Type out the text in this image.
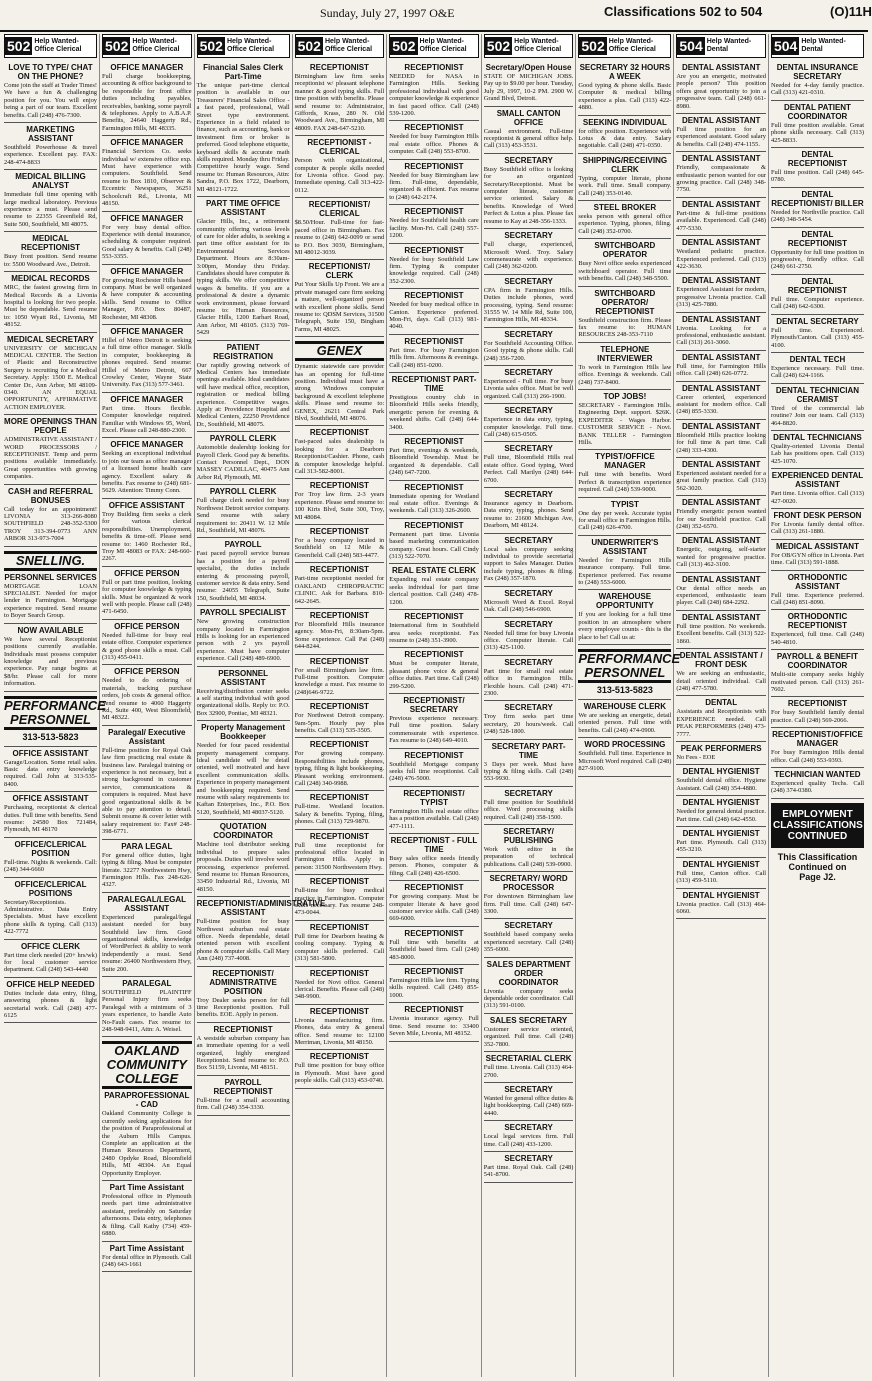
Sunday, July 27, 1997 O&E	Classifications 502 to 504	(O)11H
502 Help Wanted-Office Clerical
LOVE TO TYPE/ CHAT ON THE PHONE?
Come join the staff at Trader Times! We have a fun & challenging position for you. You will enjoy being a part of our team. Excellent benefits. Call (248) 476-7300.
MARKETING ASSISTANT
Southfield Powerhouse & travel experience. Excellent pay. FAX: 248-474-8833
MEDICAL BILLING ANALYST
Immediate full time opening with large medical laboratory. Previous experience a must. Please send resume to 22355 Greenfield Rd, Suite 500, Southfield, MI 48075.
MEDICAL RECEPTIONIST
Busy front position. Send resume to: 5500 Woodward Ave., Detroit.
MEDICAL RECORDS
MRC, the fastest growing firm in Medical Records & a Livonia hospital is looking for two people. Must be dependable. Send resume to: 1050 Wyatt Rd., Livonia, MI 48152.
MEDICAL SECRETARY
UNIVERSITY OF MICHIGAN MEDICAL CENTER. The Section of Plastic and Reconstructive Surgery is recruiting for a Medical Secretary. Apply: 1500 E. Medical Center Dr., Ann Arbor, MI 48109-0340. AN EQUAL OPPORTUNITY, AFFIRMATIVE ACTION EMPLOYER.
MORE OPENINGS THAN PEOPLE
ADMINISTRATIVE ASSISTANT / WORD PROCESSORS / RECEPTIONIST. Temp and perm positions available immediately. Great opportunities with growing companies.
CASH and REFERRAL BONUSES
Call today for an appointment! LIVONIA 313-266-8080 SOUTHFIELD 248-352-5300 TROY 313-394-0773 ANN ARBOR 313-973-7004
SNELLING.
PERSONNEL SERVICES
MORTGAGE LOAN SPECIALIST. Needed for major lender in Farmington. Mortgage experience required. Send resume to Boyer Search Group.
NOW AVAILABLE
We have several Receptionist positions currently available. Individuals must possess computer knowledge and previous experience. Pay range begins at $8/hr. Please call for more information.
PERFORMANCE PERSONNEL
313-513-5823
OFFICE ASSISTANT
Garage/Location. Some retail sales. Basic data entry knowledge required. Call John at 313-535-8400.
OFFICE ASSISTANT
Purchasing, receptionist & clerical duties. Full time with benefits. Send resume: 24580 Box 721484, Plymouth, MI 48170
OFFICE/CLERICAL POSITION
Full-time. Nights & weekends. Call: (248) 344-6660
OFFICE/CLERICAL POSITIONS
Secretary/Receptionists. Administrative. Data Entry Specialists. Must have excellent phone skills & typing. Call (313) 422-7772
OFFICE CLERK
Part time clerk needed (20+ hrs/wk) for local customer service department. Call (248) 543-4440
OFFICE HELP NEEDED
Duties include data entry, filing, answering phones & light secretarial work. Call (248) 477-6125
502 Help Wanted-Office Clerical
OFFICE MANAGER
Full charge bookkeeping, accounting & office background to be responsible for front office duties including payables, receivables, banking, some payroll & telephones. Apply to A.B.A.P. Benefits, 24640 Haggerty Rd., Farmington Hills, MI 48335.
OFFICE MANAGER
Financial Services Co. seeks individual w/ extensive office exp. Must have experience with computers. Southfield. Send resume to Box 1810, Observer & Eccentric Newspapers, 36251 Schoolcraft Rd., Livonia, MI 48150.
OFFICE MANAGER
For very busy dental office. Experience with dental insurance, scheduling & computer required. Good salary & benefits. Call (248) 553-3355.
OFFICE MANAGER
For growing Rochester Hills based company. Must be well organized & have computer & accounting skills. Send resume to Office Manager, P.O. Box 80487, Rochester, MI 48308.
OFFICE MANAGER
Hillel of Metro Detroit is seeking a full time office manager. Skills in computer, bookkeeping & phones required. Send resume: Hillel of Metro Detroit, 667 Crowley Center, Wayne State University. Fax (313) 577-3461.
OFFICE MANAGER
Part time. Hours flexible. Computer knowledge required. Familiar with Windows 95, Word, Excel. Please call 248-880-2300.
OFFICE MANAGER
Seeking an exceptional individual to join our team as office manager of a licensed home health care agency. Excellent salary & benefits. Fax resume to (248) 681-5629. Attention: Timmy Conn.
OFFICE ASSISTANT
Troy Building firm seeks a clerk for various clerical responsibilities. Unemployment, benefits & time-off. Please send resume to: 1460 Rochester Rd., Troy MI 48083 or FAX: 248-660-2267.
OFFICE PERSON
Full or part time position, looking for computer knowledge & typing skills. Must be organized & work well with people. Please call (248) 471-6450.
OFFICE PERSON
Needed full-time for busy real estate office. Computer experience & good phone skills a must. Call (313) 455-0411.
OFFICE PERSON
Needed to do ordering of materials, tracking purchase orders, job costs & general office. Send resume to 4060 Haggerty Rd., Suite 400, West Bloomfield, MI 48322.
Paralegal/ Executive Assistant
Full-time position for Royal Oak law firm practicing real estate & business law. Paralegal training or experience is not necessary, but a strong background in customer service, communications & computers is required. Must have good organizational skills & be able to pay attention to detail. Submit resume & cover letter with salary requirement to: Fax# 248-398-6771.
PARA LEGAL
For general office duties, light typing & filing. Must be computer literate. 32277 Northwestern Hwy, Farmington Hills. Fax 248-626-4327.
PARALEGAL/LEGAL ASSISTANT
Experienced paralegal/legal assistant needed for busy Southfield law firm. Good organizational skills, knowledge of WordPerfect & ability to work independently a must. Send resume: 26400 Northwestern Hwy, Suite 200.
PARALEGAL
SOUTHFIELD PLAINTIFF Personal Injury firm seeks Paralegal with a minimum of 3 years experience, to handle Auto No-Fault cases. Fax resume to: 248-948-9411, Attn: A. Weisel.
OAKLAND COMMUNITY COLLEGE
PARAPROFESSIONAL - CAD
Oakland Community College is currently seeking applications for the position of Paraprofessional at the Auburn Hills Campus. Complete an application at the Human Resources Department, 2480 Opdyke Road, Bloomfield Hills, MI 48304. An Equal Opportunity Employer.
Part Time Assistant
Professional office in Plymouth needs part time administrative assistant, preferably on Saturday afternoons. Data entry, telephones & filing. Call Kathy (734) 459-6880.
Part Time Assistant
For dental office in Plymouth. Call (248) 643-1661
502 Help Wanted-Office Clerical
Financial Sales Clerk Part-Time
The unique part-time clerical position is available in our Treasurers' Financial Sales Office - a fast paced, professional, Wall Street type environment. Experience in a field related to finance, such as accounting, bank or investment firm or broker is preferred. Good telephone etiquette, keyboard skills & accurate math skills required. Monday thru Friday. Competitive hourly wage. Send resume to: Human Resources, Attn: Sandra, P.O. Box 1722, Dearborn, MI 48121-1722.
PART TIME OFFICE ASSISTANT
Glacier Hills, Inc., a retirement community offering various levels of care for older adults, is seeking a part time office assistant for its Environmental Services Department. Hours are 8:30am-3:00pm, Monday thru Friday. Candidates should have computer & typing skills. We offer competitive wages & benefits. If you are a professional & desire a dynamic work environment, please forward resume to: Human Resources, Glacier Hills, 1200 Earhart Road, Ann Arbor, MI 48105. (313) 769-5429
PATIENT REGISTRATION
Our rapidly growing network of Medical Centers has immediate openings available. Ideal candidates will have medical office, reception, registration or medical billing experience. Competitive wages. Apply at: Providence Hospital and Medical Centers, 22250 Providence Dr., Southfield, MI 48075.
PAYROLL CLERK
Automobile dealership looking for Payroll Clerk. Good pay & benefits. Contact Personnel Dept., DON MASSEY CADILLAC, 40475 Ann Arbor Rd, Plymouth, MI.
PAYROLL CLERK
Full charge clerk needed for busy Northwest Detroit service company. Send resume with salary requirement to: 20411 W. 12 Mile Rd., Southfield, MI 48076.
PAYROLL
Fast paced payroll service bureau has a position for a payroll specialist, the duties include entering & processing payroll, customer service & data entry. Send resume: 24055 Telegraph, Suite 150, Southfield, MI 48034.
PAYROLL SPECIALIST
New growing construction company located in Farmington Hills is looking for an experienced person with 2 yrs payroll experience. Must have computer experience. Call (248) 489-6900.
PERSONNEL ASSISTANT
Receiving/distribution center seeks a self starting individual with good organizational skills. Reply to: P.O. Box 32900, Pontiac, MI 48321.
Property Management Bookkeeper
Needed for four paced residential property management company. Ideal candidate will be detail oriented, well motivated and have excellent communication skills. Experience in property management and bookkeeping required. Send resume with salary requirements to: Kaftan Enterprises, Inc., P.O. Box 5120, Southfield, MI 48037-5120.
QUOTATION COORDINATOR
Machine tool distributor seeking individual to prepare sales proposals. Duties will involve word processing, experience preferred. Send resume to: Human Resources, 33450 Industrial Rd., Livonia, MI 48150.
RECEPTIONIST/ADMINISTRATIVE ASSISTANT
Full-time position for busy Northwest suburban real estate office. Needs dependable, detail oriented person with excellent phone & computer skills. Call Mary Ann (248) 737-4008.
RECEPTIONIST/ ADMINISTRATIVE POSITION
Troy Dealer seeks person for full time Receptionist position. Full benefits. EOE. Apply in person.
RECEPTIONIST
A westside suburban company has an immediate opening for a well organized, highly energized Receptionist. Send resume to: P.O. Box 51159, Livonia, MI 48151.
PAYROLL RECEPTIONIST
Full-time for a small accounting firm. Call (248) 354-3330.
502 Help Wanted-Office Clerical
RECEPTIONIST
Birmingham law firm seeks receptionist w/ pleasant telephone manner & good typing skills. Full time position with benefits. Please send resume to: Administrator, Giffords, Krass, 280 N. Old Woodward Ave., Birmingham, MI 48009. FAX 248-647-5210.
RECEPTIONIST - CLERICAL
Person with organizational, computer & people skills needed for Livonia office. Good pay. Immediate opening. Call 313-422-0112.
RECEPTIONIST/ CLERICAL
$8.50/Hour. Full-time for fast-paced office in Birmingham. Fax resume to (248) 642-0099 or send to P.O. Box 3039, Birmingham, MI 48012-3039.
RECEPTIONIST/ CLERK
Put Your Skills Up Front. We are a private managed care firm seeking a mature, well-organized person with excellent phone skills. Send resume to: QDSM Services, 31500 Telegraph, Suite 150, Bingham Farms, MI 48025.
GENEX
Dynamic statewide care provider has an opening for full-time position. Individual must have a strong Windows computer background & excellent telephone skills. Please send resume to: GENEX, 26211 Central Park Blvd, Southfield, MI 48076.
RECEPTIONIST
Fast-paced sales dealership is looking for a Dearborn Receptionist/Cashier. Phone, cash & computer knowledge helpful. Call 313-582-8001.
RECEPTIONIST
For Troy law firm. 2-3 years experience. Please send resume to: 100 Kirts Blvd, Suite 300, Troy, MI 48084.
RECEPTIONIST
For a busy company located in Southfield on 12 Mile & Greenfield. Call (248) 583-4477.
RECEPTIONIST
Part-time receptionist needed for OAKLAND CHIROPRACTIC CLINIC. Ask for Barbara. 810-642-2645.
RECEPTIONIST
For Bloomfield Hills insurance agency. Mon-Fri, 8:30am-5pm. Some experience. Call Pat (248) 644-8244.
RECEPTIONIST
For small Birmingham law firm. Full-time position. Computer knowledge a must. Fax resume to (248)646-9722.
RECEPTIONIST
For Northwest Detroit company. 9am-5pm. Hourly pay plus benefits. Call (313) 535-3505.
RECEPTIONIST
For growing company. Responsibilities include phones, typing, filing & light bookkeeping. Pleasant working environment. Call (248) 340-9988.
RECEPTIONIST
Full-time. Westland location. Salary & benefits. Typing, filing, phones. Call (313) 729-9870.
RECEPTIONIST
Full time receptionist for professional office located in Farmington Hills. Apply in person: 31500 Northwestern Hwy.
RECEPTIONIST
Full-time for busy medical practice in Farmington. Computer skills necessary. Fax resume 248-473-0044.
RECEPTIONIST
Full time for Dearborn heating & cooling company. Typing & computer skills preferred. Call (313) 581-5800.
RECEPTIONIST
Needed for Novi office. General clerical. Benefits. Please call (248) 348-9900.
RECEPTIONIST
Livonia manufacturing firm. Phones, data entry & general office. Send resume to: 12100 Merriman, Livonia, MI 48150.
RECEPTIONIST
Full time position for busy office in Plymouth. Must have good people skills. Call (313) 453-0740.
502 Help Wanted-Office Clerical
RECEPTIONIST
NEEDED for NASA in Farmington Hills. Seeking professional individual with good computer knowledge & experience in fast paced office. Call (248) 539-1200.
RECEPTIONIST
Needed for busy Farmington Hills real estate office. Phones & computer. Call (248) 553-8700.
RECEPTIONIST
Needed for busy Birmingham law firm. Full-time, dependable, organized & efficient. Fax resume to (248) 642-2174.
RECEPTIONIST
Needed for Southfield health care facility. Mon-Fri. Call (248) 557-1200.
RECEPTIONIST
Needed for busy Southfield Law firm. Typing & computer knowledge required. Call (248) 352-2300.
RECEPTIONIST
Needed for busy medical office in Canton. Experience preferred. Mon-Fri, days. Call (313) 981-4040.
RECEPTIONIST
Part time. For busy Farmington Hills firm. Afternoons & evenings. Call (248) 851-0200.
RECEPTIONIST PART-TIME
Prestigious country club in Bloomfield Hills seeks friendly, energetic person for evening & weekend shifts. Call (248) 644-3400.
RECEPTIONIST
Part time, evenings & weekends, Bloomfield Township. Must be organized & dependable. Call (248) 647-7200.
RECEPTIONIST
Immediate opening for Westland real estate office. Evenings & weekends. Call (313) 326-2600.
RECEPTIONIST
Permanent part time. Livonia based marketing communication company. Great hours. Call Cindy (313) 522-7070.
REAL ESTATE CLERK
Expanding real estate company seeks individual for part time clerical position. Call (248) 478-1200.
RECEPTIONIST
International firm in Southfield area seeks receptionist. Fax resume to (248) 351-3900.
RECEPTIONIST
Must be computer literate, pleasant phone voice & general office duties. Part time. Call (248) 299-5200.
RECEPTIONIST/ SECRETARY
Previous experience necessary. Full time position. Salary commensurate with experience. Fax resume to (248) 649-4010.
RECEPTIONIST
Southfield Mortgage company seeks full time receptionist. Call (248) 476-5000.
RECEPTIONIST/ TYPIST
Farmington Hills real estate office has a position available. Call (248) 477-1111.
RECEPTIONIST - FULL TIME
Busy sales office needs friendly person. Phones, computer & filing. Call (248) 426-6500.
RECEPTIONIST
For growing company. Must be computer literate & have good customer service skills. Call (248) 669-6000.
RECEPTIONIST
Full time with benefits at Southfield based firm. Call (248) 483-8000.
RECEPTIONIST
Farmington Hills law firm. Typing skills required. Call (248) 855-1000.
RECEPTIONIST
Livonia insurance agency. Full time. Send resume to: 33400 Seven Mile, Livonia, MI 48152.
502 Help Wanted-Office Clerical
Secretary/Open House
STATE OF MICHIGAN JOBS. Pay up to $9.00 per hour. Tuesday, July 29, 1997, 10-2 PM. 2900 W. Grand Blvd, Detroit.
SMALL CANTON OFFICE
Casual environment. Full-time receptionist & general office help. Call (313) 453-3531.
SECRETARY
Busy Southfield office is looking for an organized Secretary/Receptionist. Must be computer literate, customer service oriented. Salary & benefits. Knowledge of Word Perfect & Lotus a plus. Please fax resume to Kay at 248-356-1333.
SECRETARY
Full charge, experienced, Microsoft Word. Troy. Salary commensurate with experience. Call (248) 362-0200.
SECRETARY
CPA firm in Farmington Hills. Duties include phones, word processing, typing. Send resume: 31555 W. 14 Mile Rd, Suite 100, Farmington Hills, MI 48334.
SECRETARY
For Southfield Accounting Office. Good typing & phone skills. Call (248) 356-7200.
SECRETARY
Experienced - Full time. For busy Livonia sales office. Must be well organized. Call (313) 266-1900.
SECRETARY
Experience in data entry, typing, computer knowledge. Full time. Call (248) 615-0505.
SECRETARY
Full time, Bloomfield Hills real estate office. Good typing, Word Perfect. Call Marilyn (248) 644-6700.
SECRETARY
Insurance agency in Dearborn. Data entry, typing, phones. Send resume to: 21600 Michigan Ave, Dearborn, MI 48124.
SECRETARY
Local sales company seeking individual to provide secretarial support to Sales Manager. Duties include typing, phones & filing. Fax (248) 357-1870.
SECRETARY
Microsoft Word & Excel. Royal Oak. Call (248) 546-6900.
SECRETARY
Needed full time for busy Livonia office. Computer literate. Call (313) 425-1100.
SECRETARY
Part time for small real estate office in Farmington Hills. Flexible hours. Call (248) 471-2300.
SECRETARY
Troy firm seeks part time secretary, 20 hours/week. Call (248) 528-1800.
SECRETARY PART-TIME
3 Days per week. Must have typing & filing skills. Call (248) 553-9930.
SECRETARY
Full time position for Southfield office. Word processing skills required. Call (248) 358-1500.
SECRETARY/ PUBLISHING
Work with editor in the preparation of technical publications. Call (248) 539-0900.
SECRETARY/ WORD PROCESSOR
For downtown Birmingham law firm. Full time. Call (248) 647-3300.
SECRETARY
Southfield based company seeks experienced secretary. Call (248) 355-6000.
SALES DEPARTMENT ORDER COORDINATOR
Livonia company seeks dependable order coordinator. Call (313) 591-0100.
SALES SECRETARY
Customer service oriented, organized. Full time. Call (248) 352-7800.
SECRETARIAL CLERK
Full time. Livonia. Call (313) 464-2700.
SECRETARY
Wanted for general office duties & light bookkeeping. Call (248) 669-4440.
SECRETARY
Local legal services firm. Full time. Call (248) 433-1200.
SECRETARY
Part time. Royal Oak. Call (248) 541-8700.
502 Help Wanted-Office Clerical
SECRETARY 32 HOURS A WEEK
Good typing & phone skills. Basic Computer & medical billing experience a plus. Call (313) 422-4880.
SEEKING INDIVIDUAL
for office position. Experience with Lotus & data entry. Salary negotiable. Call (248) 471-0350.
SHIPPING/RECEIVING CLERK
Typing, computer literate, phone work. Full time. Small company. Call (248) 353-0140.
STEEL BROKER
seeks person with general office experience. Typing, phones, filing. Call (248) 352-0700.
SWITCHBOARD OPERATOR
Busy Novi office seeks experienced switchboard operator. Full time with benefits. Call (248) 348-5500.
SWITCHBOARD OPERATOR/ RECEPTIONIST
Southfield construction firm. Please fax resume to: HUMAN RESOURCES 248-353-7110
TELEPHONE INTERVIEWER
To work in Farmington Hills law office. Evenings & weekends. Call (248) 737-8400.
TOP JOBS!
SECRETARY - Farmington Hills. Engineering Dept. support. $26K. EXPEDITER - Wages Harbor. CUSTOMER SERVICE - Novi. BANK TELLER - Farmington Hills.
TYPIST/OFFICE MANAGER
Full time with benefits. Word Perfect & transcription experience required. Call (248) 539-9000.
TYPIST
One day per week. Accurate typist for small office in Farmington Hills. Call (248) 626-4700.
UNDERWRITER'S ASSISTANT
Needed for Farmington Hills insurance company. Full time. Experience preferred. Fax resume to (248) 553-6000.
WAREHOUSE OPPORTUNITY
If you are looking for a full time position in an atmosphere where every employee counts - this is the place to be! Call us at:
PERFORMANCE PERSONNEL
313-513-5823
WAREHOUSE CLERK
We are seeking an energetic, detail oriented person. Full time with benefits. Call (248) 474-0900.
WORD PROCESSING
Southfield. Full time. Experience in Microsoft Word required. Call (248) 827-9100.
504 Help Wanted-Dental
DENTAL ASSISTANT
Are you an energetic, motivated people person? This position offers great opportunity to join a progressive team. Call (248) 661-8980.
DENTAL ASSISTANT
Full time position for an experienced assistant. Good salary & benefits. Call (248) 474-1155.
DENTAL ASSISTANT
Friendly, compassionate & enthusiastic person wanted for our growing practice. Call (248) 348-7750.
DENTAL ASSISTANT
Part-time & full-time positions available. Experienced. Call (248) 477-5330.
DENTAL ASSISTANT
Westland pediatric practice. Experienced preferred. Call (313) 422-3630.
DENTAL ASSISTANT
Experienced Assistant for modern, progressive Livonia practice. Call (313) 425-7880.
DENTAL ASSISTANT
Livonia. Looking for a professional, enthusiastic assistant. Call (313) 261-3060.
DENTAL ASSISTANT
Full time, for Farmington Hills office. Call (248) 626-0772.
DENTAL ASSISTANT
Career oriented, experienced assistant for modern office. Call (248) 855-3330.
DENTAL ASSISTANT
Bloomfield Hills practice looking for full time & part time. Call (248) 333-4300.
DENTAL ASSISTANT
Experienced assistant needed for a great family practice. Call (313) 562-3020.
DENTAL ASSISTANT
Friendly energetic person wanted for our Southfield practice. Call (248) 352-6570.
DENTAL ASSISTANT
Energetic, outgoing, self-starter wanted for progressive practice. Call (313) 462-3100.
DENTAL ASSISTANT
Our dental office needs an experienced, enthusiastic team player. Call (248) 684-2292.
DENTAL ASSISTANT
Full time position. No weekends. Excellent benefits. Call (313) 522-1860.
DENTAL ASSISTANT / FRONT DESK
We are seeking an enthusiastic, detail oriented individual. Call (248) 477-5780.
DENTAL
Assistants and Receptionists with EXPERIENCE needed. Call PEAK PERFORMERS (248) 473-7777.
PEAK PERFORMERS
No Fees - EOE
DENTAL HYGIENIST
Southfield dental office. Hygiene Assistant. Call (248) 354-4880.
DENTAL HYGIENIST
Needed for general dental practice. Part time. Call (248) 642-4550.
DENTAL HYGIENIST
Part time. Plymouth. Call (313) 455-3210.
DENTAL HYGIENIST
Full time, Canton office. Call (313) 459-5110.
DENTAL HYGIENIST
Livonia practice. Call (313) 464-6060.
504 Help Wanted-Dental
DENTAL INSURANCE SECRETARY
Needed for 4-day family practice. Call (313) 421-0310.
DENTAL PATIENT COORDINATOR
Full time position available. Great phone skills necessary. Call (313) 425-8833.
DENTAL RECEPTIONIST
Full time position. Call (248) 645-0780.
DENTAL RECEPTIONIST/ BILLER
Needed for Northville practice. Call (248) 348-5454.
DENTAL RECEPTIONIST
Opportunity for full time position in progressive, friendly office. Call (248) 661-2750.
DENTAL RECEPTIONIST
Full time. Computer experience. Call (248) 642-6300.
DENTAL SECRETARY
Full time. Experienced. Plymouth/Canton. Call (313) 455-4100.
DENTAL TECH
Experience necessary. Full time. Call (248) 624-1166.
DENTAL TECHNICIAN CERAMIST
Tired of the commercial lab routine? Join our team. Call (313) 464-8820.
DENTAL TECHNICIANS
Quality-oriented Livonia Dental Lab has positions open. Call (313) 425-1070.
EXPERIENCED DENTAL ASSISTANT
Part time. Livonia office. Call (313) 427-0020.
FRONT DESK PERSON
For Livonia family dental office. Call (313) 261-1880.
MEDICAL ASSISTANT
For OB/GYN office in Livonia. Part time. Call (313) 591-1888.
ORTHODONTIC ASSISTANT
Full time. Experience preferred. Call (248) 851-8090.
ORTHODONTIC RECEPTIONIST
Experienced, full time. Call (248) 540-4810.
PAYROLL & BENEFIT COORDINATOR
Multi-site company seeks highly motivated person. Call (313) 261-7602.
RECEPTIONIST
For busy Southfield family dental practice. Call (248) 569-2066.
RECEPTIONIST/OFFICE MANAGER
For busy Farmington Hills dental office. Call (248) 553-9393.
TECHNICIAN WANTED
Experienced quality Techs. Call (248) 374-0380.
EMPLOYMENT CLASSIFICATIONS CONTINUED
This Classification Continued on
Page J2.
